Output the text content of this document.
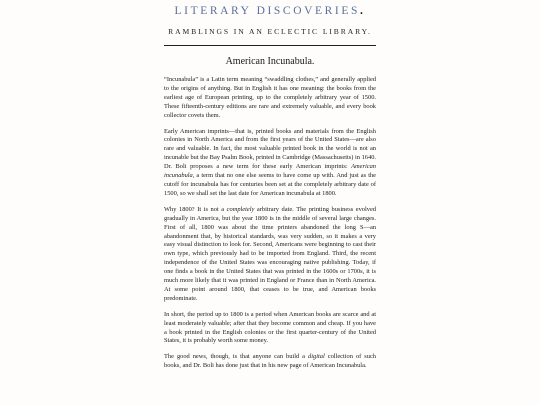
LITERARY DISCOVERIES.
RAMBLINGS IN AN ECLECTIC LIBRARY.
American Incunabula.

“Incunabula” is a Latin term meaning “swaddling clothes,” and generally applied to the origins of anything. But in English it has one meaning: the books from the earliest age of European printing, up to the completely arbitrary year of 1500. These fifteenth-century editions are rare and extremely valuable, and every book collector covets them.

Early American imprints—that is, printed books and materials from the English colonies in North America and from the first years of the United States—are also rare and valuable. In fact, the most valuable printed book in the world is not an incunable but the Bay Psalm Book, printed in Cambridge (Massachusetts) in 1640. Dr. Boli proposes a new term for these early American imprints: American incunabula, a term that no one else seems to have come up with. And just as the cutoff for incunabula has for centuries been set at the completely arbitrary date of 1500, so we shall set the last date for American incunabula at 1800.

Why 1800? It is not a completely arbitrary date. The printing business evolved gradually in America, but the year 1800 is in the middle of several large changes. First of all, 1800 was about the time printers abandoned the long S—an abandonment that, by historical standards, was very sudden, so it makes a very easy visual distinction to look for. Second, Americans were beginning to cast their own type, which previously had to be imported from England. Third, the recent independence of the United States was encouraging native publishing. Today, if one finds a book in the United States that was printed in the 1600s or 1700s, it is much more likely that it was printed in England or France than in North America. At some point around 1800, that ceases to be true, and American books predominate.

In short, the period up to 1800 is a period when American books are scarce and at least moderately valuable; after that they become common and cheap. If you have a book printed in the English colonies or the first quarter-century of the United States, it is probably worth some money.

The good news, though, is that anyone can build a digital collection of such books, and Dr. Boli has done just that in his new page of American Incunabula.
